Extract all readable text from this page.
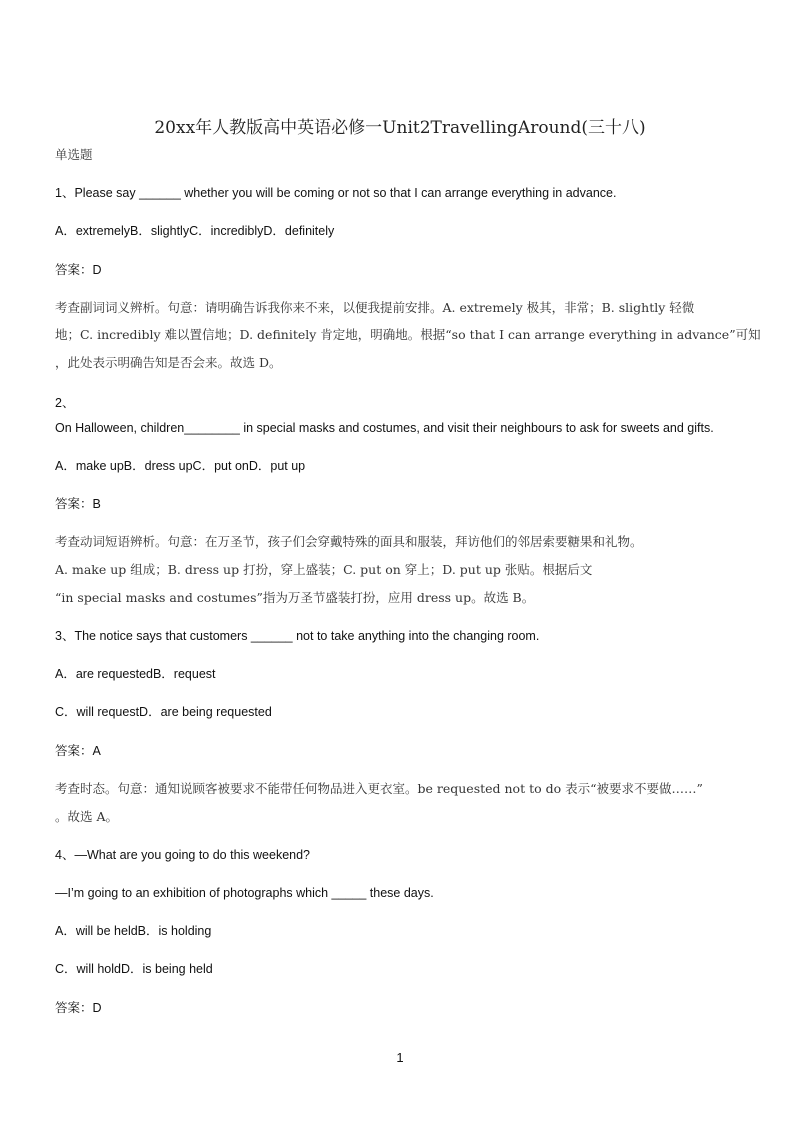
20xx年人教版高中英语必修一Unit2TravellingAround(三十八)
单选题
1、Please say ______ whether you will be coming or not so that I can arrange everything in advance.
A．extremelyB．slightlyC．incrediblyD．definitely
答案：D
考查副词词义辨析。句意：请明确告诉我你来不来，以便我提前安排。A. extremely 极其，非常；B. slightly 轻微
地；C. incredibly 难以置信地；D. definitely 肯定地，明确地。根据“so that I can arrange everything in advance”可知
，此处表示明确告知是否会来。故选 D。
2、
On Halloween, children________ in special masks and costumes, and visit their neighbours to ask for sweets and gifts.
A．make upB．dress upC．put onD．put up
答案：B
考查动词短语辨析。句意：在万圣节，孩子们会穿戴特殊的面具和服装，拜访他们的邻居索要糖果和礼物。
A. make up 组成；B. dress up 打扮，穿上盛装；C. put on 穿上；D. put up 张贴。根据后文
“in special masks and costumes”指为万圣节盛装打扮，应用 dress up。故选 B。
3、The notice says that customers ______ not to take anything into the changing room.
A．are requestedB．request
C．will requestD．are being requested
答案：A
考查时态。句意：通知说顾客被要求不能带任何物品进入更衣室。be requested not to do 表示“被要求不要做……”
。故选 A。
4、—What are you going to do this weekend?
—I’m going to an exhibition of photographs which _____ these days.
A．will be heldB．is holding
C．will holdD．is being held
答案：D
1
